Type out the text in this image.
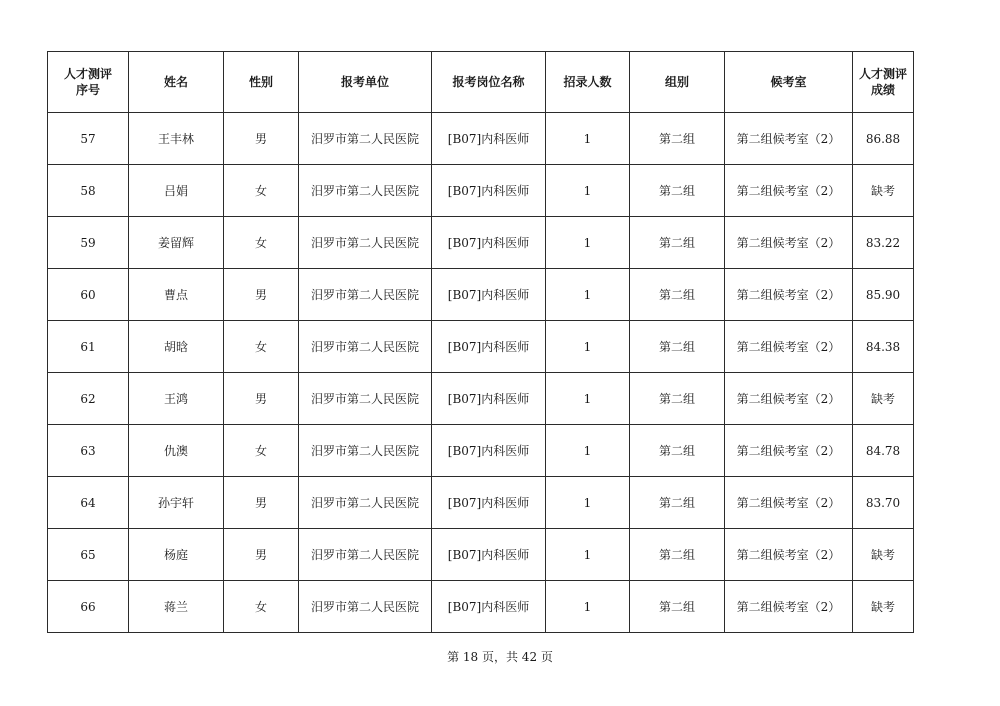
人才测评
序号	姓名	性别	报考单位	报考岗位名称	招录人数	组别	候考室	人才测评成绩
57	王丰林	男	汨罗市第二人民医院	[B07]内科医师	1	第二组	第二组候考室（2）	86.88
58	吕娟	女	汨罗市第二人民医院	[B07]内科医师	1	第二组	第二组候考室（2）	缺考
59	姜留辉	女	汨罗市第二人民医院	[B07]内科医师	1	第二组	第二组候考室（2）	83.22
60	曹点	男	汨罗市第二人民医院	[B07]内科医师	1	第二组	第二组候考室（2）	85.90
61	胡晗	女	汨罗市第二人民医院	[B07]内科医师	1	第二组	第二组候考室（2）	84.38
62	王鸿	男	汨罗市第二人民医院	[B07]内科医师	1	第二组	第二组候考室（2）	缺考
63	仇澳	女	汨罗市第二人民医院	[B07]内科医师	1	第二组	第二组候考室（2）	84.78
64	孙宇轩	男	汨罗市第二人民医院	[B07]内科医师	1	第二组	第二组候考室（2）	83.70
65	杨庭	男	汨罗市第二人民医院	[B07]内科医师	1	第二组	第二组候考室（2）	缺考
66	蒋兰	女	汨罗市第二人民医院	[B07]内科医师	1	第二组	第二组候考室（2）	缺考
第 18 页，共 42 页
